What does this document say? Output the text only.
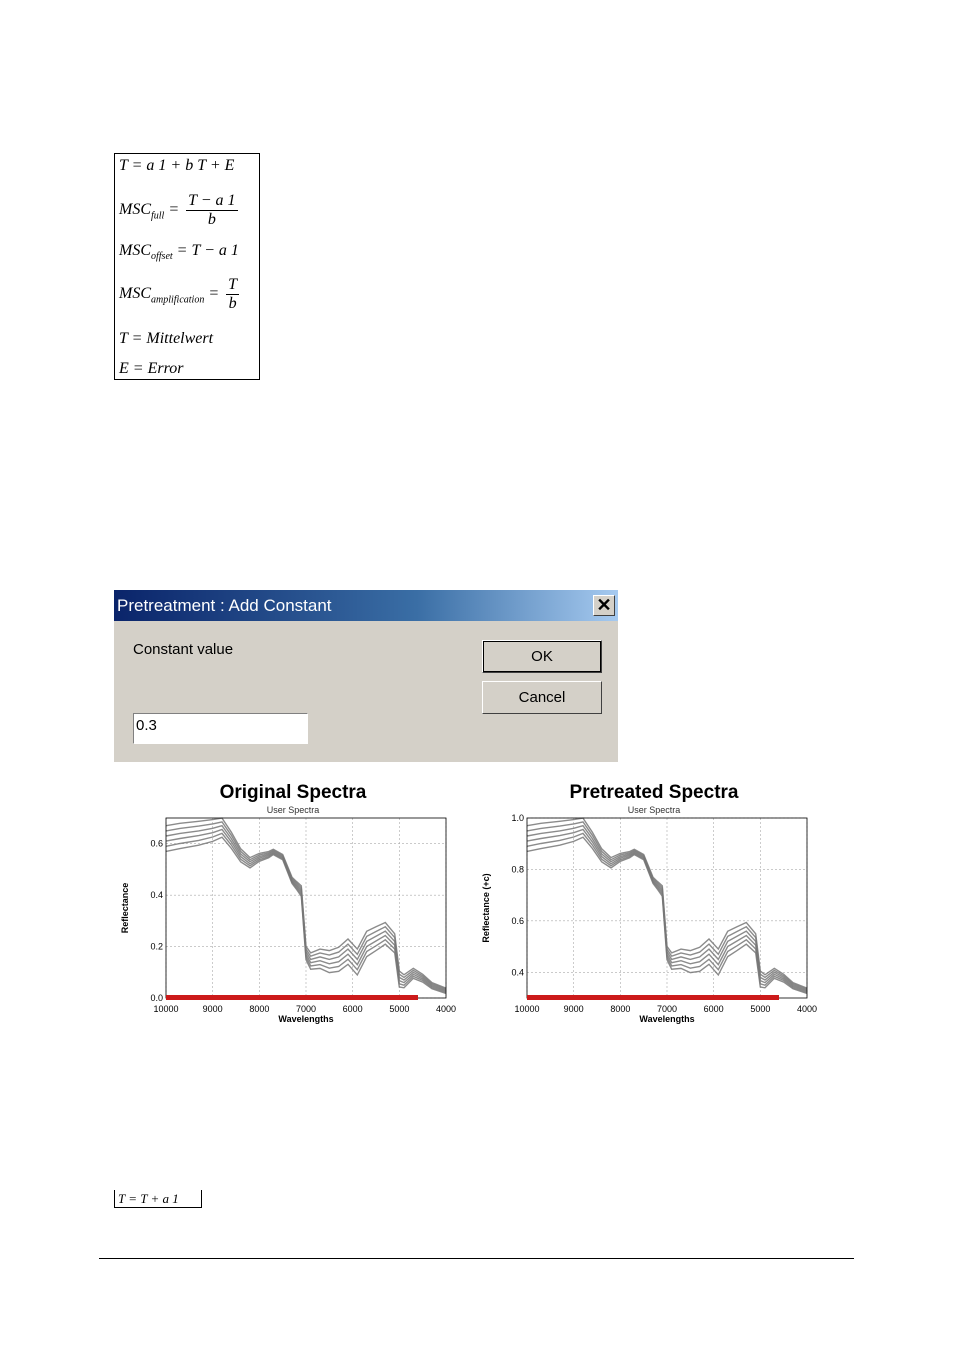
T = a 1 + b T + E
$MSC_{full} = \frac{T - a 1}{b}$
$MSC_{offset} = T - a$ 1
$MSC_{amplification} = \frac{T}{b}$
T = Mittelwert
E = Error
Pretreatment : Add Constant	✕
Constant value	OK
Cancel
0.3
Original Spectra
User Spectra
10000	9000	8000	7000	6000	5000	4000
0.0
0.2
0.4
0.6
Wavelengths
Reflectance
Pretreated Spectra
User Spectra
10000	9000	8000	7000	6000	5000	4000
0.4
0.6
0.8
1.0
Wavelengths
Reflectance (+c)
T = T + a 1
